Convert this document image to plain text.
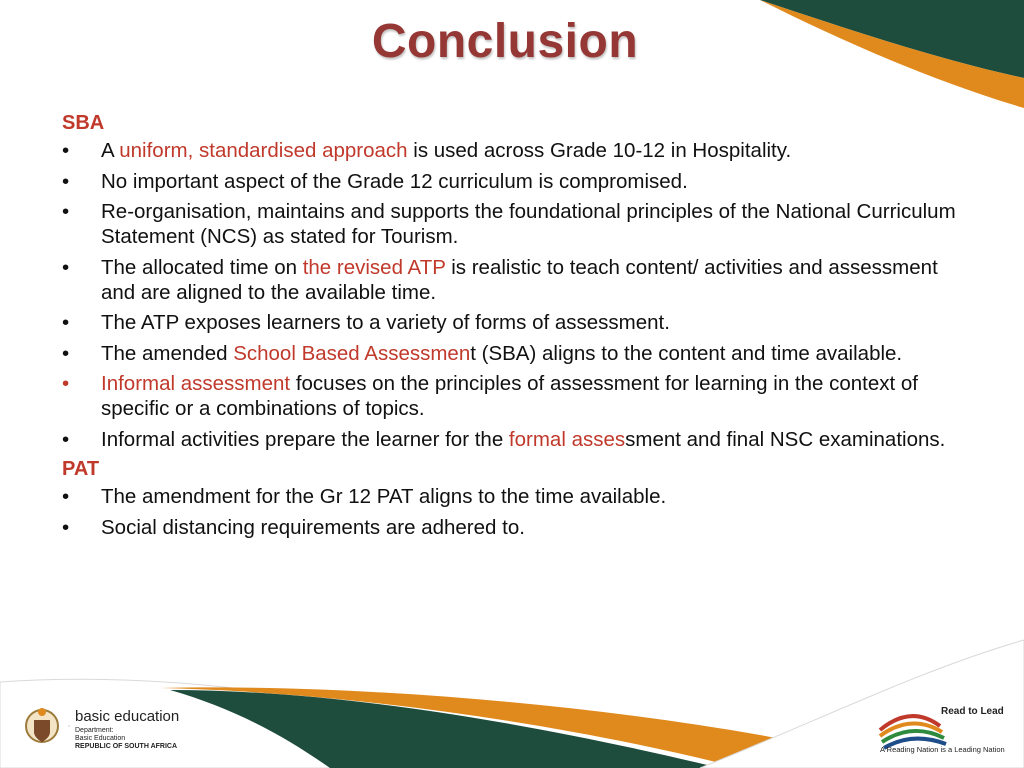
Conclusion
SBA
•	A uniform, standardised approach is used across Grade 10-12 in Hospitality.
•	No important aspect of the Grade 12 curriculum is compromised.
•	Re-organisation, maintains and supports the foundational principles of the National Curriculum Statement (NCS) as stated for Tourism.
•	The allocated time on the revised ATP is realistic to teach content/ activities and assessment and are aligned to the available time.
•	The ATP exposes learners to a variety of forms of assessment.
•	The amended School Based Assessment (SBA) aligns to the content and time available.
•	Informal assessment focuses on the principles of assessment for learning in the context of specific or a combinations of topics.
•	Informal activities prepare the learner for the formal assessment and final NSC examinations.
PAT
•	The amendment for the Gr 12 PAT aligns to the time available.
•	Social distancing requirements are adhered to.
basic education
Department:
Basic Education
REPUBLIC OF SOUTH AFRICA
Read to Lead
A Reading Nation is a Leading Nation
